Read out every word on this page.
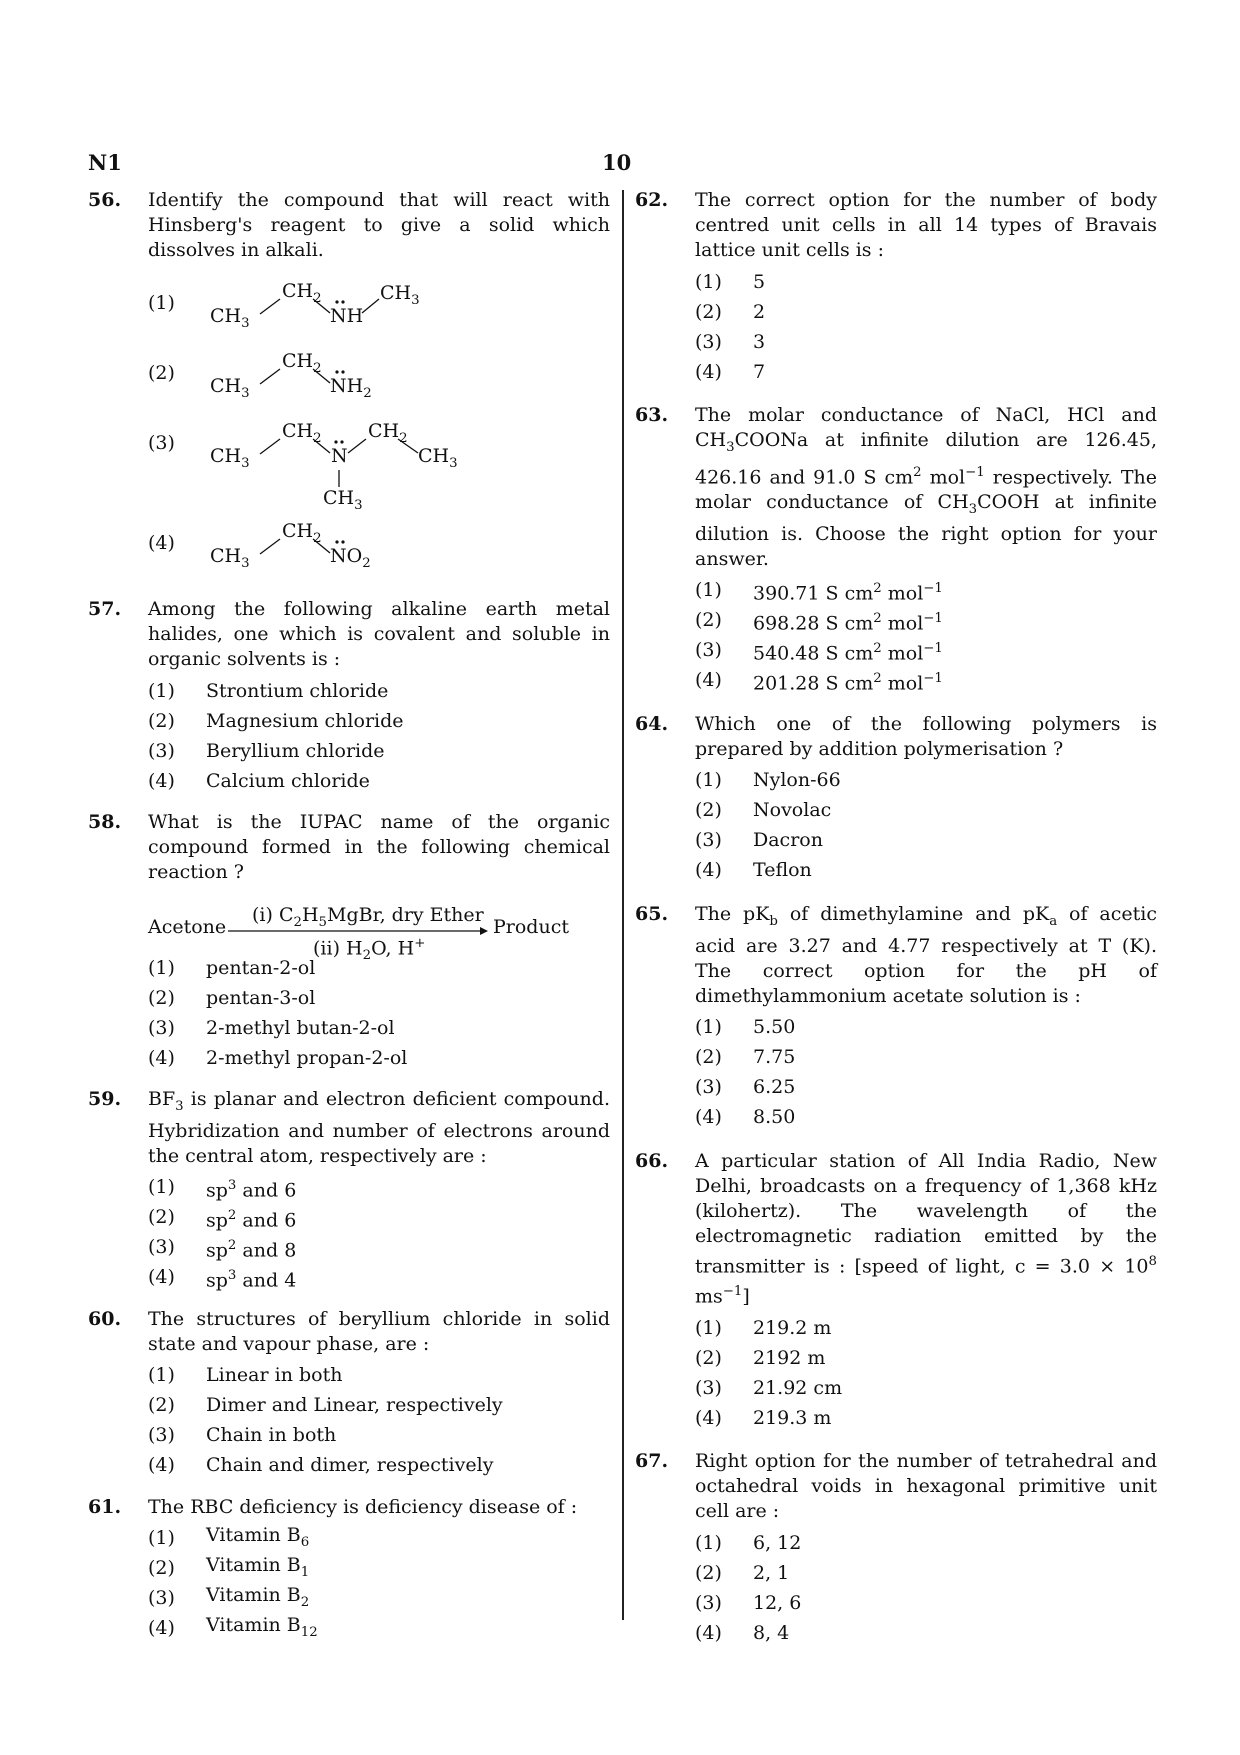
N1	10
56. Identify the compound that will react with Hinsberg's reagent to give a solid which dissolves in alkali.
(1)
$CH_3$
$CH_2$
NH
$CH_3$
(2)
$CH_3$
$CH_2$
$NH_2$
(3)
$CH_3$
$CH_2$
N
$CH_2$
$CH_3$
$CH_3$
(4)
$CH_3$
$CH_2$
$NO_2$
57. Among the following alkaline earth metal halides, one which is covalent and soluble in organic solvents is :
(1)	Strontium chloride
(2)	Magnesium chloride
(3)	Beryllium chloride
(4)	Calcium chloride
58. What is the IUPAC name of the organic compound formed in the following chemical reaction ?
Acetone
(i) $C_2H_5MgBr$, dry Ether
Product
(ii) $H_2O$, H+
(1)	pentan-2-ol
(2)	pentan-3-ol
(3)	2-methyl butan-2-ol
(4)	2-methyl propan-2-ol
59. $BF_3$ is planar and electron deficient compound. Hybridization and number of electrons around the central atom, respectively are :
(1)	$sp^3$ and 6
(2)	$sp^2$ and 6
(3)	$sp^2$ and 8
(4)	$sp^3$ and 4
60. The structures of beryllium chloride in solid state and vapour phase, are :
(1)	Linear in both
(2)	Dimer and Linear, respectively
(3)	Chain in both
(4)	Chain and dimer, respectively
61. The RBC deficiency is deficiency disease of :
(1)	Vitamin $B_6$
(2)	Vitamin $B_1$
(3)	Vitamin $B_2$
(4)	Vitamin $B_{12}$
62. The correct option for the number of body centred unit cells in all 14 types of Bravais lattice unit cells is :
(1)	5
(2)	2
(3)	3
(4)	7
63. The molar conductance of NaCl, HCl and $CH_3COONa$ at infinite dilution are 126.45, 426.16 and 91.0 S $cm^2$ mol$^{-1}$ respectively. The molar conductance of $CH_3COOH$ at infinite dilution is. Choose the right option for your answer.
(1)	390.71 S $cm^2$ mol$^{-1}$
(2)	698.28 S $cm^2$ mol$^{-1}$
(3)	540.48 S $cm^2$ mol$^{-1}$
(4)	201.28 S $cm^2$ mol$^{-1}$
64. Which one of the following polymers is prepared by addition polymerisation ?
(1)	Nylon-66
(2)	Novolac
(3)	Dacron
(4)	Teflon
65. The $pK_b$ of dimethylamine and $pK_a$ of acetic acid are 3.27 and 4.77 respectively at T (K). The correct option for the pH of dimethylammonium acetate solution is :
(1)	5.50
(2)	7.75
(3)	6.25
(4)	8.50
66. A particular station of All India Radio, New Delhi, broadcasts on a frequency of 1,368 kHz (kilohertz). The wavelength of the electromagnetic radiation emitted by the transmitter is : [speed of light, $c = 3.0 \times 10^8$ $ms^{-1}$]
(1)	219.2 m
(2)	2192 m
(3)	21.92 cm
(4)	219.3 m
67. Right option for the number of tetrahedral and octahedral voids in hexagonal primitive unit cell are :
(1)	6, 12
(2)	2, 1
(3)	12, 6
(4)	8, 4
